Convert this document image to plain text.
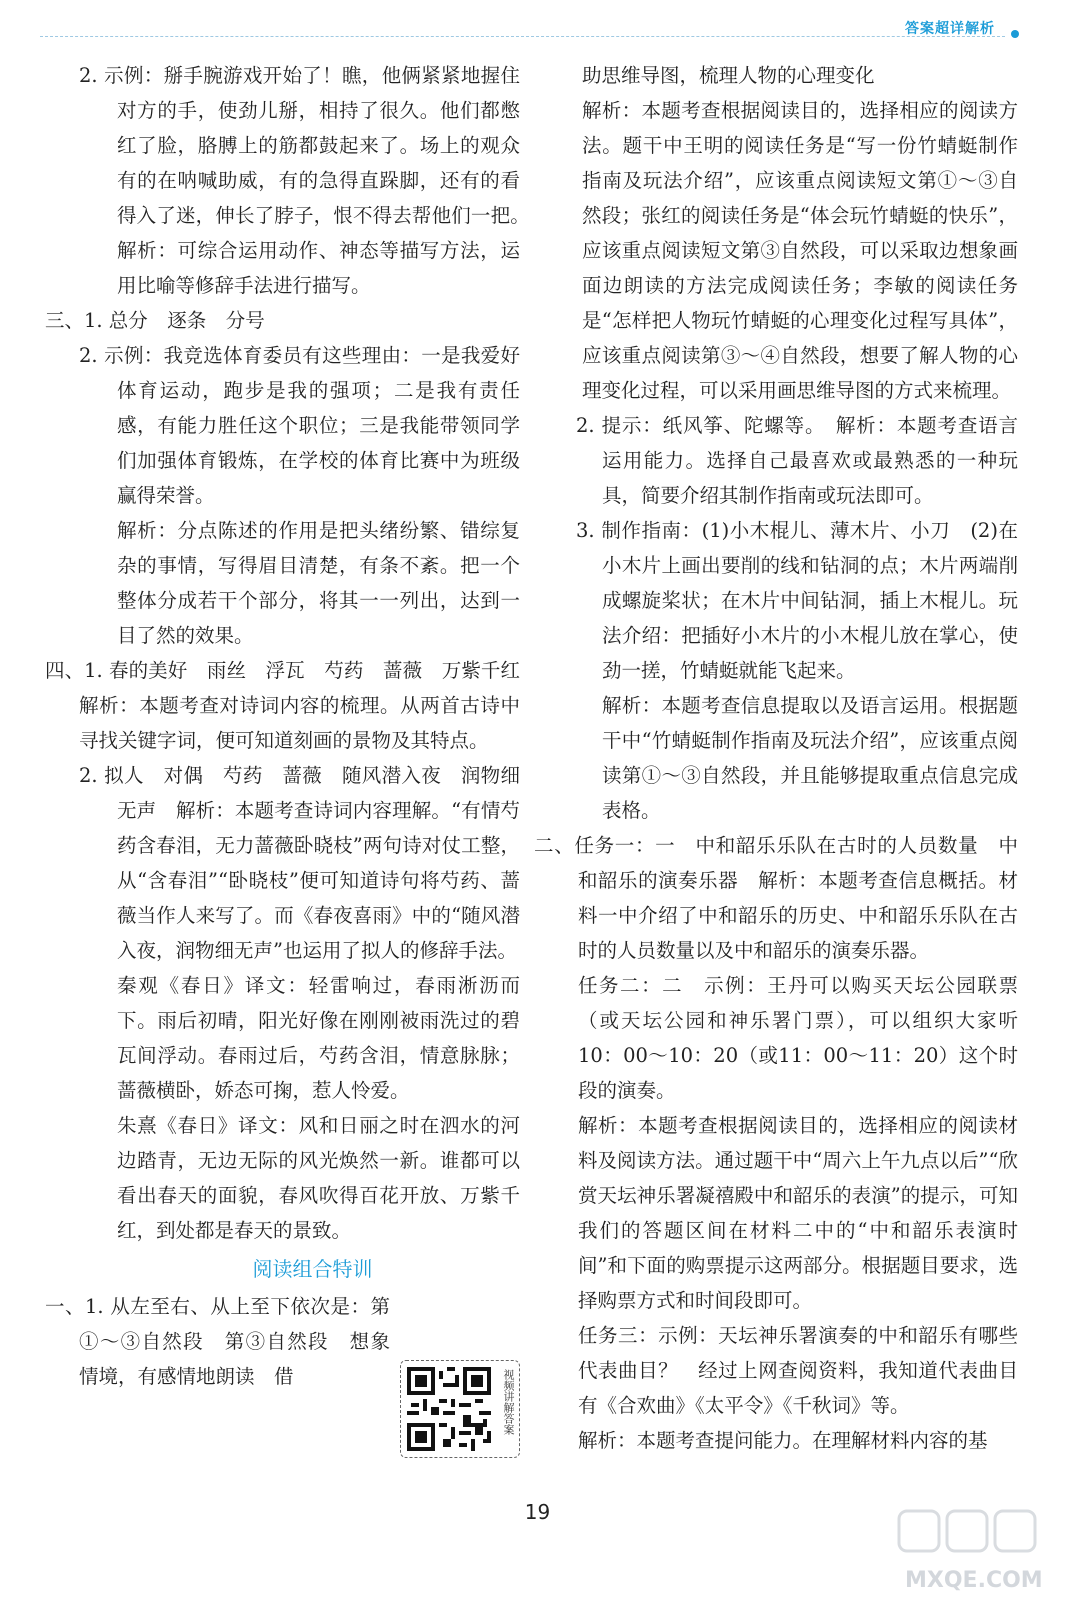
答案超详解析

2. 示例：掰手腕游戏开始了！瞧，他俩紧紧地握住对方的手，使劲儿掰，相持了很久。他们都憋红了脸，胳膊上的筋都鼓起来了。场上的观众有的在呐喊助威，有的急得直跺脚，还有的看得入了迷，伸长了脖子，恨不得去帮他们一把。　解析：可综合运用动作、神态等描写方法，运用比喻等修辞手法进行描写。

三、1. 总分　逐条　分号

2. 示例：我竞选体育委员有这些理由：一是我爱好体育运动，跑步是我的强项；二是我有责任感，有能力胜任这个职位；三是我能带领同学们加强体育锻炼，在学校的体育比赛中为班级赢得荣誉。

解析：分点陈述的作用是把头绪纷繁、错综复杂的事情，写得眉目清楚，有条不紊。把一个整体分成若干个部分，将其一一列出，达到一目了然的效果。

四、1. 春的美好　雨丝　浮瓦　芍药　蔷薇　万紫千红　解析：本题考查对诗词内容的梳理。从两首古诗中寻找关键字词，便可知道刻画的景物及其特点。

2. 拟人　对偶　芍药　蔷薇　随风潜入夜　润物细无声　解析：本题考查诗词内容理解。“有情芍药含春泪，无力蔷薇卧晓枝”两句诗对仗工整，从“含春泪”“卧晓枝”便可知道诗句将芍药、蔷薇当作人来写了。而《春夜喜雨》中的“随风潜入夜，润物细无声”也运用了拟人的修辞手法。

秦观《春日》译文：轻雷响过，春雨淅沥而下。雨后初晴，阳光好像在刚刚被雨洗过的碧瓦间浮动。春雨过后，芍药含泪，情意脉脉；蔷薇横卧，娇态可掬，惹人怜爱。

朱熹《春日》译文：风和日丽之时在泗水的河边踏青，无边无际的风光焕然一新。谁都可以看出春天的面貌，春风吹得百花开放、万紫千红，到处都是春天的景致。

阅读组合特训

一、1. 从左至右、从上至下依次是：第①～③自然段　第③自然段　想象情境，有感情地朗读　借	视频讲解答案

助思维导图，梳理人物的心理变化

解析：本题考查根据阅读目的，选择相应的阅读方法。题干中王明的阅读任务是“写一份竹蜻蜓制作指南及玩法介绍”，应该重点阅读短文第①～③自然段；张红的阅读任务是“体会玩竹蜻蜓的快乐”，应该重点阅读短文第③自然段，可以采取边想象画面边朗读的方法完成阅读任务；李敏的阅读任务是“怎样把人物玩竹蜻蜓的心理变化过程写具体”，应该重点阅读第③～④自然段，想要了解人物的心理变化过程，可以采用画思维导图的方式来梳理。

2. 提示：纸风筝、陀螺等。　解析：本题考查语言运用能力。选择自己最喜欢或最熟悉的一种玩具，简要介绍其制作指南或玩法即可。

3. 制作指南：(1)小木棍儿、薄木片、小刀　(2)在小木片上画出要削的线和钻洞的点；木片两端削成螺旋桨状；在木片中间钻洞，插上木棍儿。玩法介绍：把插好小木片的小木棍儿放在掌心，使劲一搓，竹蜻蜓就能飞起来。

解析：本题考查信息提取以及语言运用。根据题干中“竹蜻蜓制作指南及玩法介绍”，应该重点阅读第①～③自然段，并且能够提取重点信息完成表格。

二、任务一：一　中和韶乐乐队在古时的人员数量　中和韶乐的演奏乐器　解析：本题考查信息概括。材料一中介绍了中和韶乐的历史、中和韶乐乐队在古时的人员数量以及中和韶乐的演奏乐器。

任务二：二　示例：王丹可以购买天坛公园联票（或天坛公园和神乐署门票），可以组织大家听10：00～10：20（或11：00～11：20）这个时段的演奏。

解析：本题考查根据阅读目的，选择相应的阅读材料及阅读方法。通过题干中“周六上午九点以后”“欣赏天坛神乐署凝禧殿中和韶乐的表演”的提示，可知我们的答题区间在材料二中的“中和韶乐表演时间”和下面的购票提示这两部分。根据题目要求，选择购票方式和时间段即可。

任务三：示例：天坛神乐署演奏的中和韶乐有哪些代表曲目？　经过上网查阅资料，我知道代表曲目有《合欢曲》《太平令》《千秋词》等。

解析：本题考查提问能力。在理解材料内容的基

19
MXQE.COM
